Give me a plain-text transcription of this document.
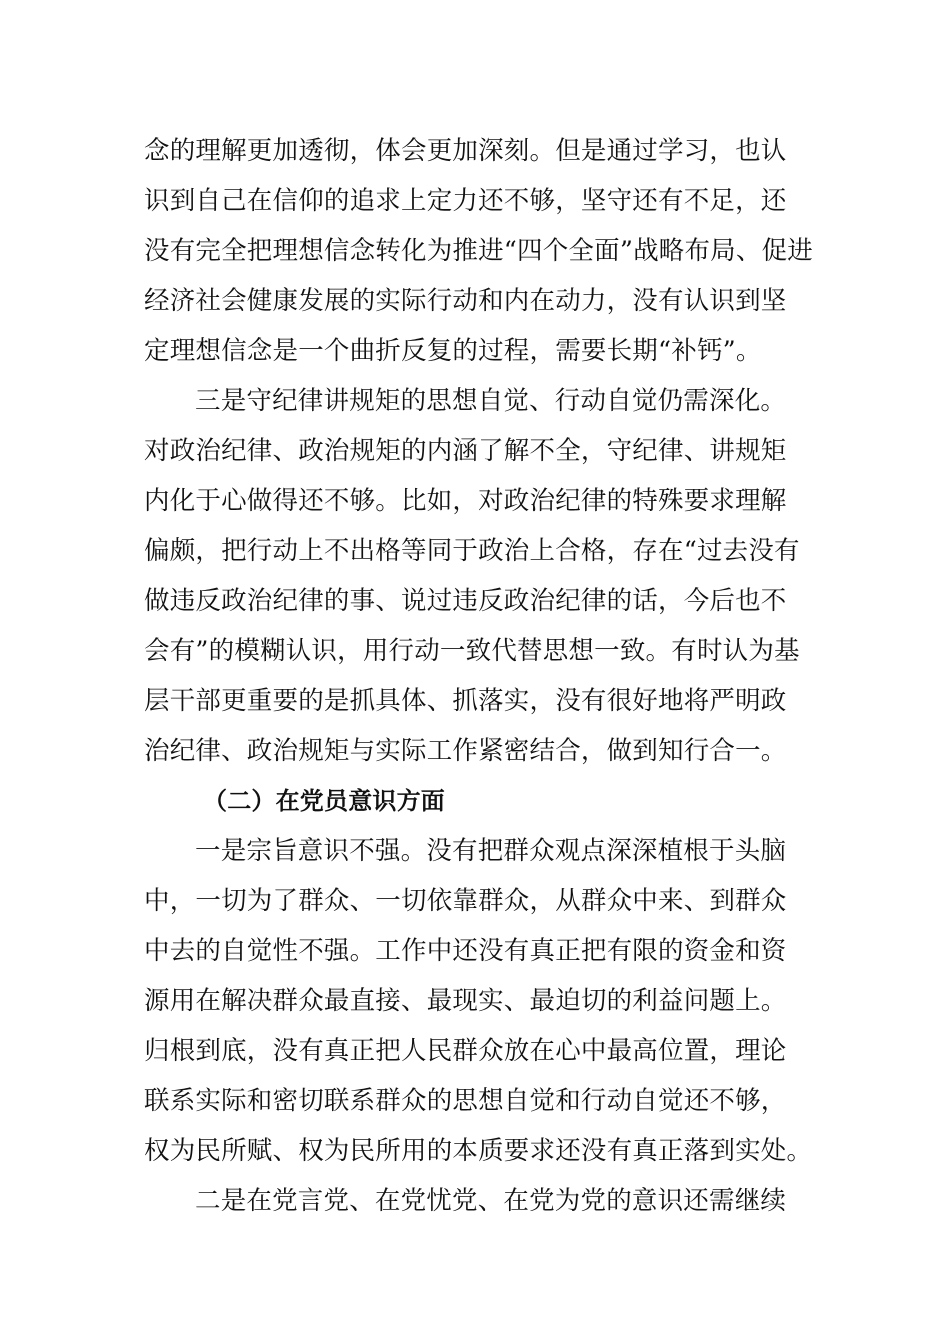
念的理解更加透彻，体会更加深刻。但是通过学习，也认
识到自己在信仰的追求上定力还不够，坚守还有不足，还
没有完全把理想信念转化为推进“四个全面”战略布局、促进
经济社会健康发展的实际行动和内在动力，没有认识到坚
定理想信念是一个曲折反复的过程，需要长期“补钙”。
三是守纪律讲规矩的思想自觉、行动自觉仍需深化。
对政治纪律、政治规矩的内涵了解不全，守纪律、讲规矩
内化于心做得还不够。比如，对政治纪律的特殊要求理解
偏颇，把行动上不出格等同于政治上合格，存在“过去没有
做违反政治纪律的事、说过违反政治纪律的话，今后也不
会有”的模糊认识，用行动一致代替思想一致。有时认为基
层干部更重要的是抓具体、抓落实，没有很好地将严明政
治纪律、政治规矩与实际工作紧密结合，做到知行合一。
（二）在党员意识方面
一是宗旨意识不强。没有把群众观点深深植根于头脑
中，一切为了群众、一切依靠群众，从群众中来、到群众
中去的自觉性不强。工作中还没有真正把有限的资金和资
源用在解决群众最直接、最现实、最迫切的利益问题上。
归根到底，没有真正把人民群众放在心中最高位置，理论
联系实际和密切联系群众的思想自觉和行动自觉还不够，
权为民所赋、权为民所用的本质要求还没有真正落到实处。
二是在党言党、在党忧党、在党为党的意识还需继续
